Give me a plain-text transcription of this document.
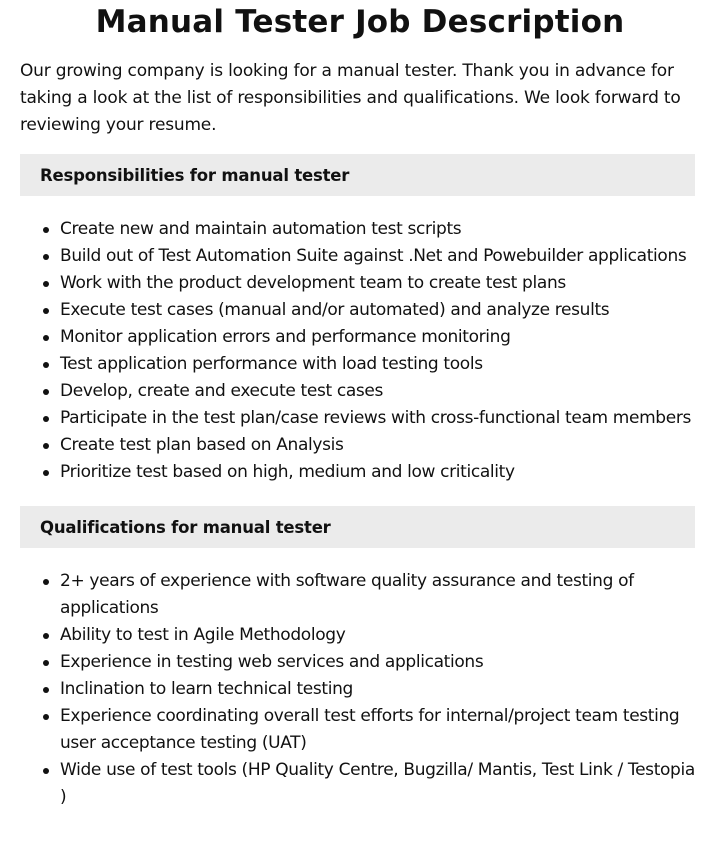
Manual Tester Job Description

Our growing company is looking for a manual tester. Thank you in advance for taking a look at the list of responsibilities and qualifications. We look forward to reviewing your resume.

Responsibilities for manual tester
Create new and maintain automation test scripts
Build out of Test Automation Suite against .Net and Powebuilder applications
Work with the product development team to create test plans
Execute test cases (manual and/or automated) and analyze results
Monitor application errors and performance monitoring
Test application performance with load testing tools
Develop, create and execute test cases
Participate in the test plan/case reviews with cross-functional team members
Create test plan based on Analysis
Prioritize test based on high, medium and low criticality
Qualifications for manual tester
2+ years of experience with software quality assurance and testing of applications
Ability to test in Agile Methodology
Experience in testing web services and applications
Inclination to learn technical testing
Experience coordinating overall test efforts for internal/project team testing user acceptance testing (UAT)
Wide use of test tools (HP Quality Centre, Bugzilla/ Mantis, Test Link / Testopia )
